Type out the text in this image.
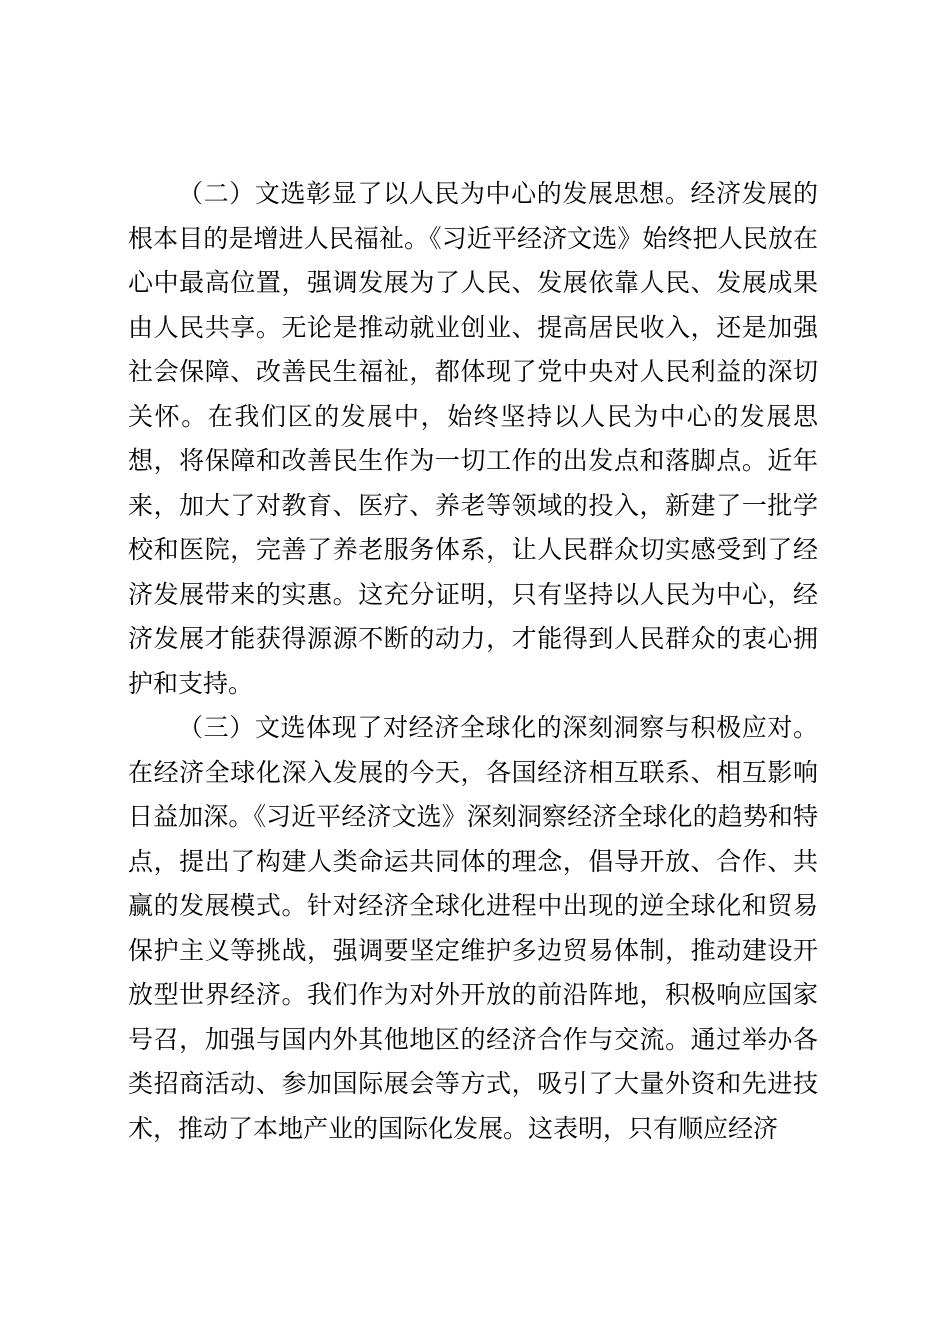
（二）文选彰显了以人民为中心的发展思想。经济发展的根本目的是增进人民福祉。《习近平经济文选》始终把人民放在心中最高位置，强调发展为了人民、发展依靠人民、发展成果由人民共享。无论是推动就业创业、提高居民收入，还是加强社会保障、改善民生福祉，都体现了党中央对人民利益的深切关怀。在我们区的发展中，始终坚持以人民为中心的发展思想，将保障和改善民生作为一切工作的出发点和落脚点。近年来，加大了对教育、医疗、养老等领域的投入，新建了一批学校和医院，完善了养老服务体系，让人民群众切实感受到了经济发展带来的实惠。这充分证明，只有坚持以人民为中心，经济发展才能获得源源不断的动力，才能得到人民群众的衷心拥护和支持。

（三）文选体现了对经济全球化的深刻洞察与积极应对。在经济全球化深入发展的今天，各国经济相互联系、相互影响日益加深。《习近平经济文选》深刻洞察经济全球化的趋势和特点，提出了构建人类命运共同体的理念，倡导开放、合作、共赢的发展模式。针对经济全球化进程中出现的逆全球化和贸易保护主义等挑战，强调要坚定维护多边贸易体制，推动建设开放型世界经济。我们作为对外开放的前沿阵地，积极响应国家号召，加强与国内外其他地区的经济合作与交流。通过举办各类招商活动、参加国际展会等方式，吸引了大量外资和先进技术，推动了本地产业的国际化发展。这表明，只有顺应经济
